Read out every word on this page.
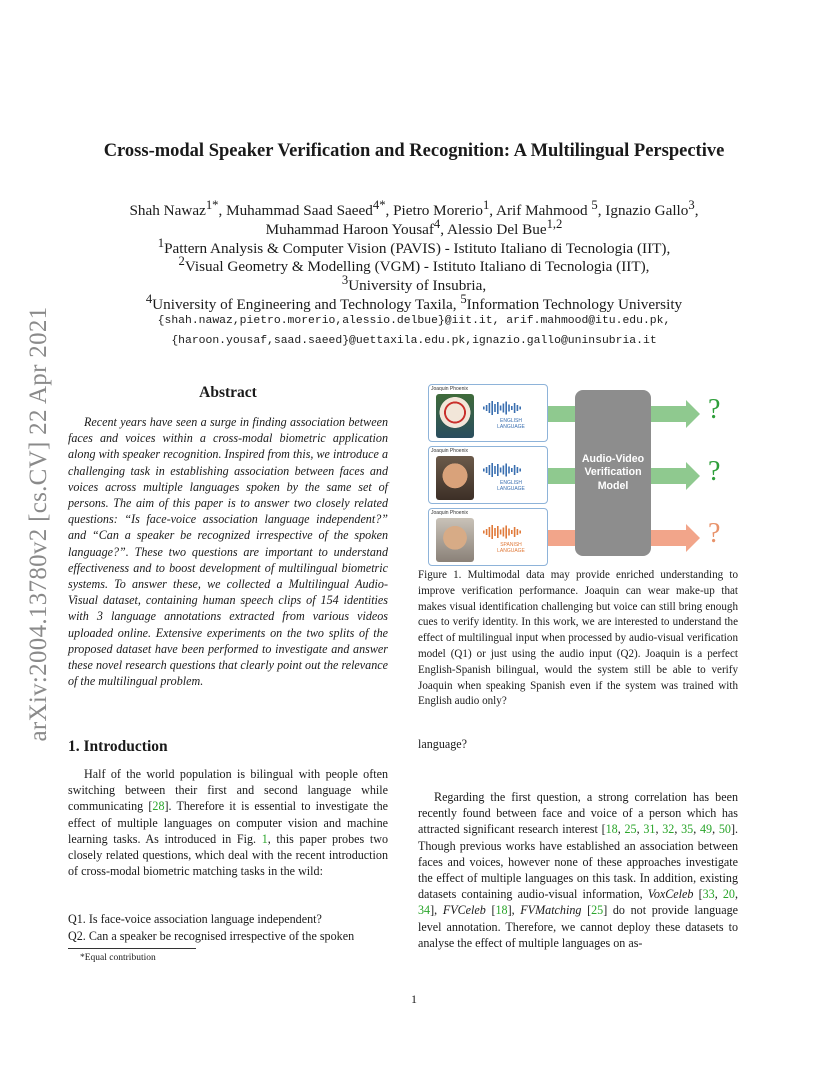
arXiv:2004.13780v2 [cs.CV] 22 Apr 2021
Cross-modal Speaker Verification and Recognition: A Multilingual Perspective
Shah Nawaz$^{1*}$, Muhammad Saad Saeed$^{4*}$, Pietro Morerio$^1$, Arif Mahmood $^5$, Ignazio Gallo$^3$,
Muhammad Haroon Yousaf$^4$, Alessio Del Bue$^{1,2}$
$^1$Pattern Analysis & Computer Vision (PAVIS) - Istituto Italiano di Tecnologia (IIT),
$^2$Visual Geometry & Modelling (VGM) - Istituto Italiano di Tecnologia (IIT),
$^3$University of Insubria,
$^4$University of Engineering and Technology Taxila, $^5$Information Technology University
{shah.nawaz,pietro.morerio,alessio.delbue}@iit.it, arif.mahmood@itu.edu.pk,
{haroon.yousaf,saad.saeed}@uettaxila.edu.pk,ignazio.gallo@uninsubria.it
Abstract
Recent years have seen a surge in finding association between faces and voices within a cross-modal biometric application along with speaker recognition. Inspired from this, we introduce a challenging task in establishing association between faces and voices across multiple languages spoken by the same set of persons. The aim of this paper is to answer two closely related questions: “Is face-voice association language independent?” and “Can a speaker be recognized irrespective of the spoken language?”. These two questions are important to understand effectiveness and to boost development of multilingual biometric systems. To answer these, we collected a Multilingual Audio-Visual dataset, containing human speech clips of 154 identities with 3 language annotations extracted from various videos uploaded online. Extensive experiments on the two splits of the proposed dataset have been performed to investigate and answer these novel research questions that clearly point out the relevance of the multilingual problem.
1. Introduction
Half of the world population is bilingual with people often switching between their first and second language while communicating [28]. Therefore it is essential to investigate the effect of multiple languages on computer vision and machine learning tasks. As introduced in Fig. 1, this paper probes two closely related questions, which deal with the recent introduction of cross-modal biometric matching tasks in the wild:
Q1. Is face-voice association language independent?
Q2. Can a speaker be recognised irrespective of the spoken
*Equal contribution
Audio-Video Verification Model
Joaquin Phoenix
ENGLISH LANGUAGE
?
Joaquin Phoenix
ENGLISH LANGUAGE
?
Joaquin Phoenix
SPANISH LANGUAGE
?
Figure 1. Multimodal data may provide enriched understanding to improve verification performance. Joaquin can wear make-up that makes visual identification challenging but voice can still bring enough cues to verify identity. In this work, we are interested to understand the effect of multilingual input when processed by audio-visual verification model (Q1) or just using the audio input (Q2). Joaquin is a perfect English-Spanish bilingual, would the system still be able to verify Joaquin when speaking Spanish even if the system was trained with English audio only?
language?
Regarding the first question, a strong correlation has been recently found between face and voice of a person which has attracted significant research interest [18, 25, 31, 32, 35, 49, 50]. Though previous works have established an association between faces and voices, however none of these approaches investigate the effect of multiple languages on this task. In addition, existing datasets containing audio-visual information, VoxCeleb [33, 20, 34], FVCeleb [18], FVMatching [25] do not provide language level annotation. Therefore, we cannot deploy these datasets to analyse the effect of multiple languages on as-
1
